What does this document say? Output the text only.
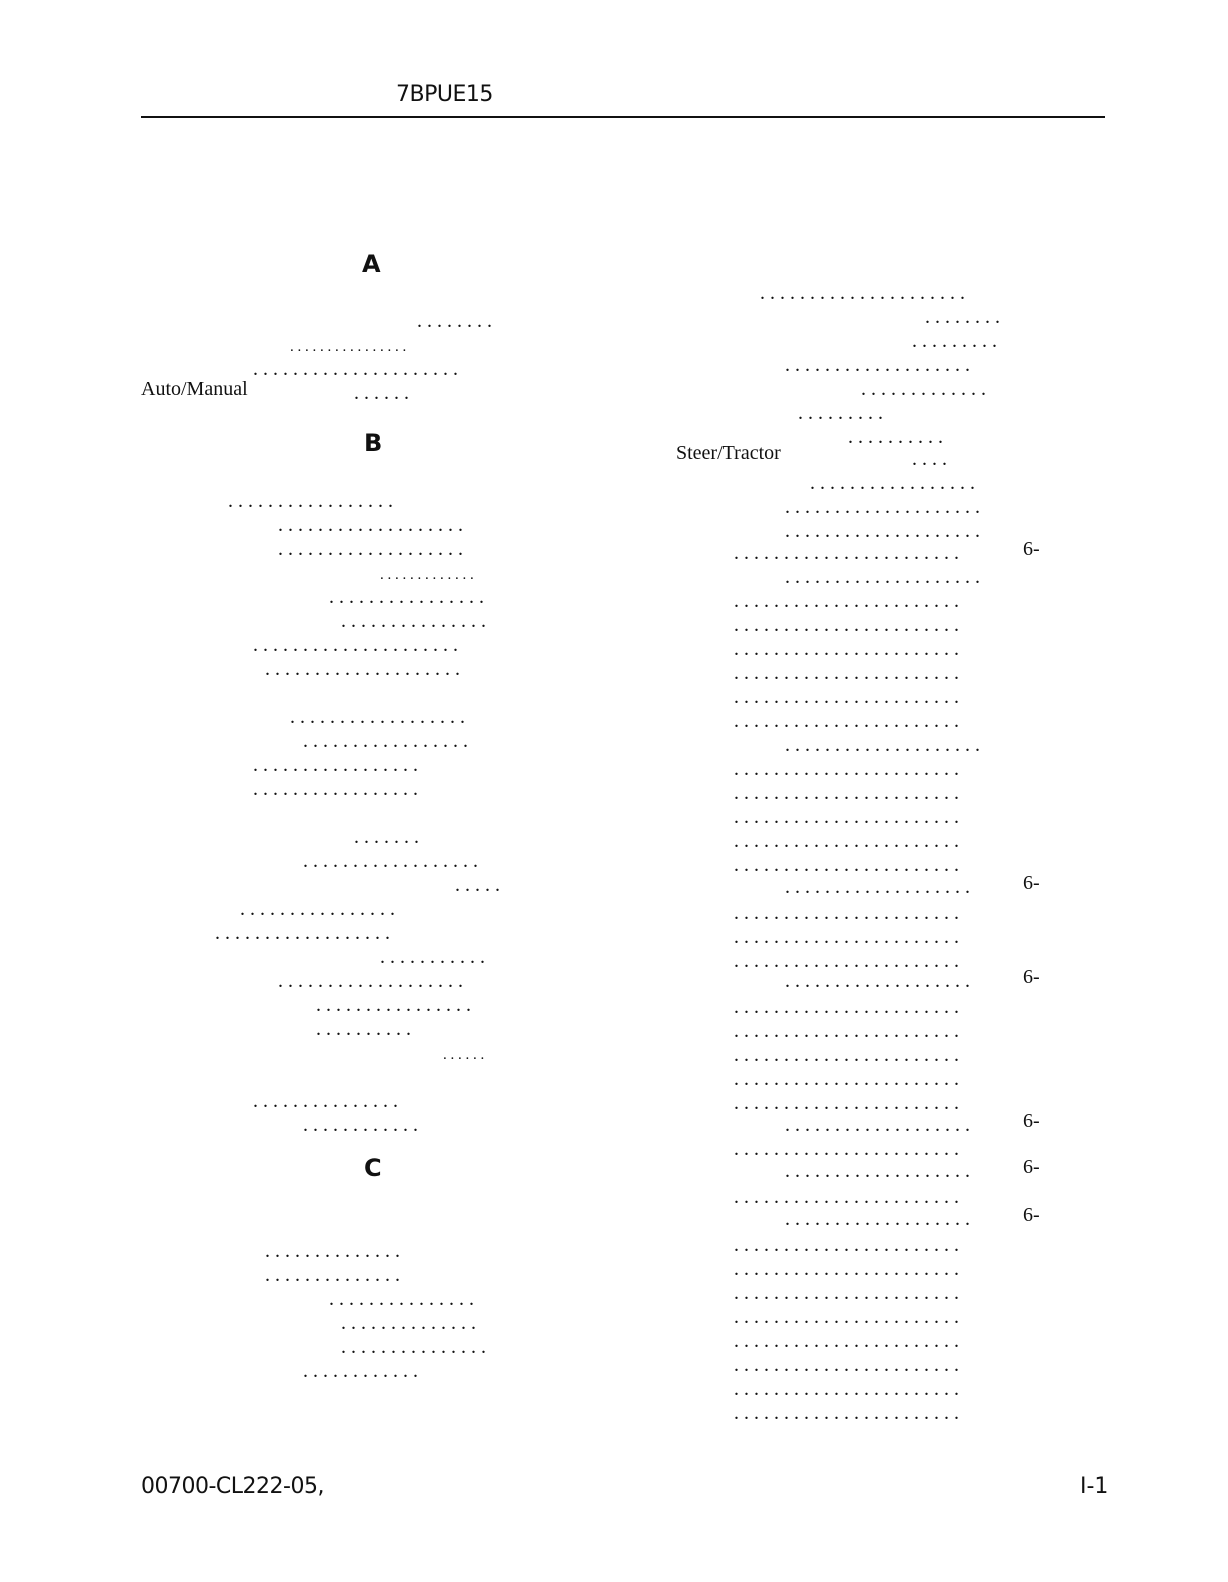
7BPUE15
A
. . . . . . . .
. . . . . . . . . . . . . . . .
. . . . . . . . . . . . . . . . . . . . .
Auto/Manual	. . . . . .
B
. . . . . . . . . . . . . . . . .
. . . . . . . . . . . . . . . . . . .
. . . . . . . . . . . . . . . . . . .
. . . . . . . . . . . . .
. . . . . . . . . . . . . . . .
. . . . . . . . . . . . . . .
. . . . . . . . . . . . . . . . . . . . .
. . . . . . . . . . . . . . . . . . . .
. . . . . . . . . . . . . . . . . .
. . . . . . . . . . . . . . . . .
. . . . . . . . . . . . . . . . .
. . . . . . . . . . . . . . . . .
. . . . . . .
. . . . . . . . . . . . . . . . . .
. . . . .
. . . . . . . . . . . . . . . .
. . . . . . . . . . . . . . . . . .
. . . . . . . . . . .
. . . . . . . . . . . . . . . . . . .
. . . . . . . . . . . . . . . .
. . . . . . . . . .
. . . . . .
. . . . . . . . . . . . . . .
. . . . . . . . . . . .
C
. . . . . . . . . . . . . .
. . . . . . . . . . . . . .
. . . . . . . . . . . . . . .
. . . . . . . . . . . . . .
. . . . . . . . . . . . . . .
. . . . . . . . . . . .
. . . . . . . . . . . . . . . . . . . . .
. . . . . . . .
. . . . . . . . .
. . . . . . . . . . . . . . . . . . .
. . . . . . . . . . . . .
. . . . . . . . .
. . . . . . . . . .
Steer/Tractor	. . . .
. . . . . . . . . . . . . . . . .
. . . . . . . . . . . . . . . . . . . .
. . . . . . . . . . . . . . . . . . . .
. . . . . . . . . . . . . . . . . . . . . . .	6-
. . . . . . . . . . . . . . . . . . . .
. . . . . . . . . . . . . . . . . . . . . . .
. . . . . . . . . . . . . . . . . . . . . . .
. . . . . . . . . . . . . . . . . . . . . . .
. . . . . . . . . . . . . . . . . . . . . . .
. . . . . . . . . . . . . . . . . . . . . . .
. . . . . . . . . . . . . . . . . . . . . . .
. . . . . . . . . . . . . . . . . . . .
. . . . . . . . . . . . . . . . . . . . . . .
. . . . . . . . . . . . . . . . . . . . . . .
. . . . . . . . . . . . . . . . . . . . . . .
. . . . . . . . . . . . . . . . . . . . . . .
. . . . . . . . . . . . . . . . . . . . . . .
. . . . . . . . . . . . . . . . . . .	6-
. . . . . . . . . . . . . . . . . . . . . . .
. . . . . . . . . . . . . . . . . . . . . . .
. . . . . . . . . . . . . . . . . . . . . . .
. . . . . . . . . . . . . . . . . . .	6-
. . . . . . . . . . . . . . . . . . . . . . .
. . . . . . . . . . . . . . . . . . . . . . .
. . . . . . . . . . . . . . . . . . . . . . .
. . . . . . . . . . . . . . . . . . . . . . .
. . . . . . . . . . . . . . . . . . . . . . .
. . . . . . . . . . . . . . . . . . .	6-
. . . . . . . . . . . . . . . . . . . . . . .
. . . . . . . . . . . . . . . . . . .	6-
. . . . . . . . . . . . . . . . . . . . . . .
. . . . . . . . . . . . . . . . . . .	6-
. . . . . . . . . . . . . . . . . . . . . . .
. . . . . . . . . . . . . . . . . . . . . . .
. . . . . . . . . . . . . . . . . . . . . . .
. . . . . . . . . . . . . . . . . . . . . . .
. . . . . . . . . . . . . . . . . . . . . . .
. . . . . . . . . . . . . . . . . . . . . . .
. . . . . . . . . . . . . . . . . . . . . . .
. . . . . . . . . . . . . . . . . . . . . . .
00700-CL222-05,	I-1
